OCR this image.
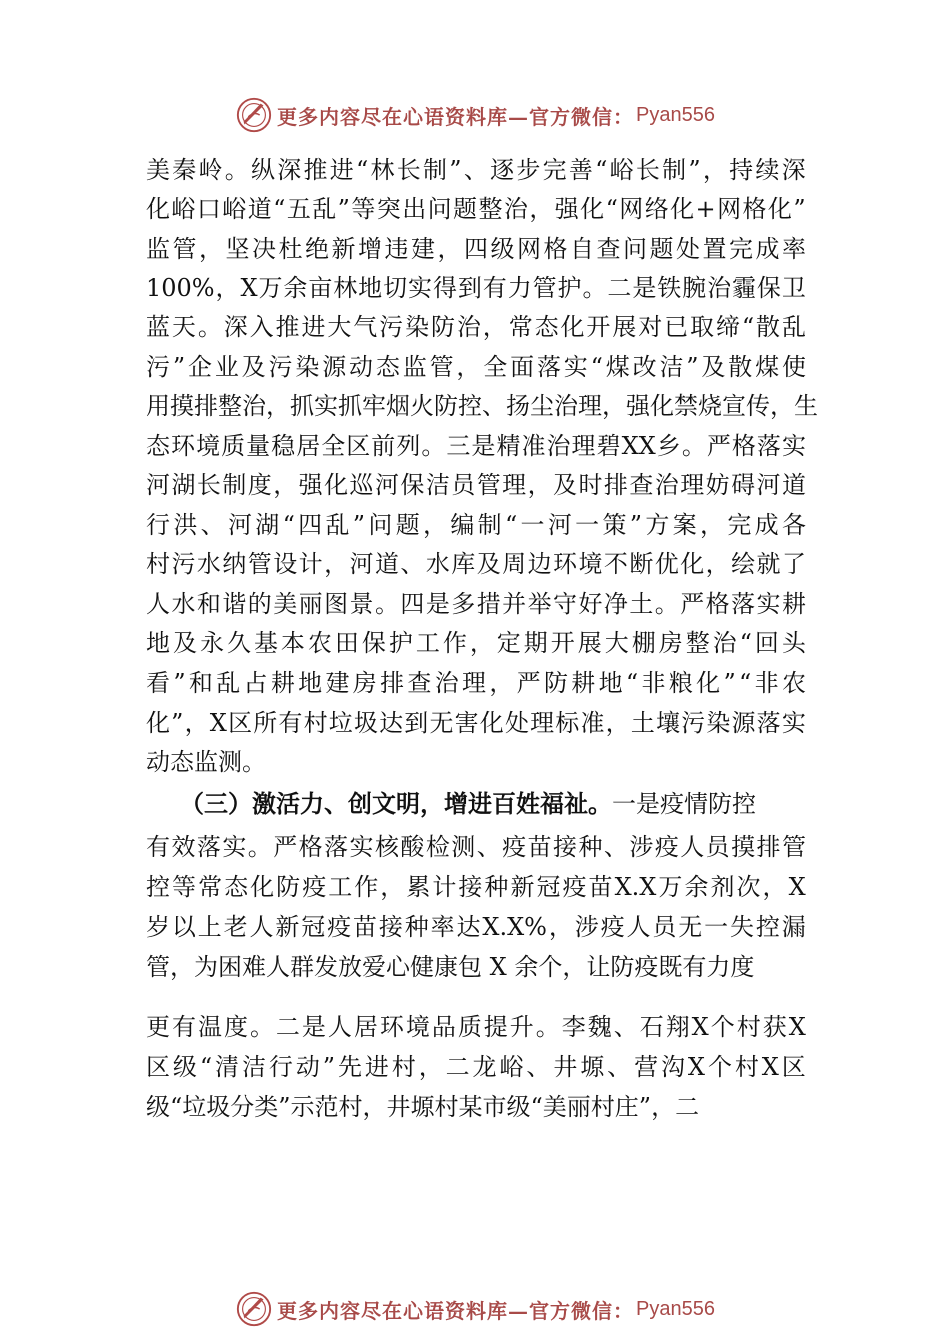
更多内容尽在心语资料库—官方微信： Pyan556
美 秦 岭 。 纵 深 推 进 “ 林 长 制 ” 、 逐 步 完 善 “ 峪 长 制 ” ， 持 续 深
化 峪 口 峪 道 “ 五 乱 ” 等 突 出 问 题 整 治 ， 强 化 “ 网 络 化 + 网 格 化 ”
监 管 ， 坚 决 杜 绝 新 增 违 建 ， 四 级 网 格 自 查 问 题 处 置 完 成 率
100% ， X 万 余 亩 林 地 切 实 得 到 有 力 管 护 。 二 是 铁 腕 治 霾 保 卫
蓝 天 。 深 入 推 进 大 气 污 染 防 治 ， 常 态 化 开 展 对 已 取 缔 “ 散 乱
污 ” 企 业 及 污 染 源 动 态 监 管 ， 全 面 落 实 “ 煤 改 洁 ” 及 散 煤 使
用 摸 排 整 治 ， 抓 实 抓 牢 烟 火 防 控 、 扬 尘 治 理 ， 强 化 禁 烧 宣 传 ， 生
态 环 境 质 量 稳 居 全 区 前 列 。 三 是 精 准 治 理 碧 XX 乡 。 严 格 落 实
河 湖 长 制 度 ， 强 化 巡 河 保 洁 员 管 理 ， 及 时 排 查 治 理 妨 碍 河 道
行 洪 、 河 湖 “ 四 乱 ” 问 题 ， 编 制 “ 一 河 一 策 ” 方 案 ， 完 成 各
村 污 水 纳 管 设 计 ， 河 道 、 水 库 及 周 边 环 境 不 断 优 化 ， 绘 就 了
人 水 和 谐 的 美 丽 图 景 。 四 是 多 措 并 举 守 好 净 土 。 严 格 落 实 耕
地 及 永 久 基 本 农 田 保 护 工 作 ， 定 期 开 展 大 棚 房 整 治 “ 回 头
看 ” 和 乱 占 耕 地 建 房 排 查 治 理 ， 严 防 耕 地 “ 非 粮 化 ” “ 非 农
化 ” ， X 区 所 有 村 垃 圾 达 到 无 害 化 处 理 标 准 ， 土 壤 污 染 源 落 实
动态监测。
（三）激活力、创文明，增进百姓福祉。 一是疫情防控
有 效 落 实 。 严 格 落 实 核 酸 检 测 、 疫 苗 接 种 、 涉 疫 人 员 摸 排 管
控 等 常 态 化 防 疫 工 作 ， 累 计 接 种 新 冠 疫 苗 X.X 万 余 剂 次 ， X
岁 以 上 老 人 新 冠 疫 苗 接 种 率 达 X.X% ， 涉 疫 人 员 无 一 失 控 漏
管，为困难人群发放爱心健康包 X 余个，让防疫既有力度
更 有 温 度 。 二 是 人 居 环 境 品 质 提 升 。 李 魏 、 石 翔 X 个 村 获 X
区 级 “ 清 洁 行 动 ” 先 进 村 ， 二 龙 峪 、 井 塬 、 营 沟 X 个 村 X 区
级“垃圾分类”示范村，井塬村某市级“美丽村庄”，二
更多内容尽在心语资料库—官方微信： Pyan556
